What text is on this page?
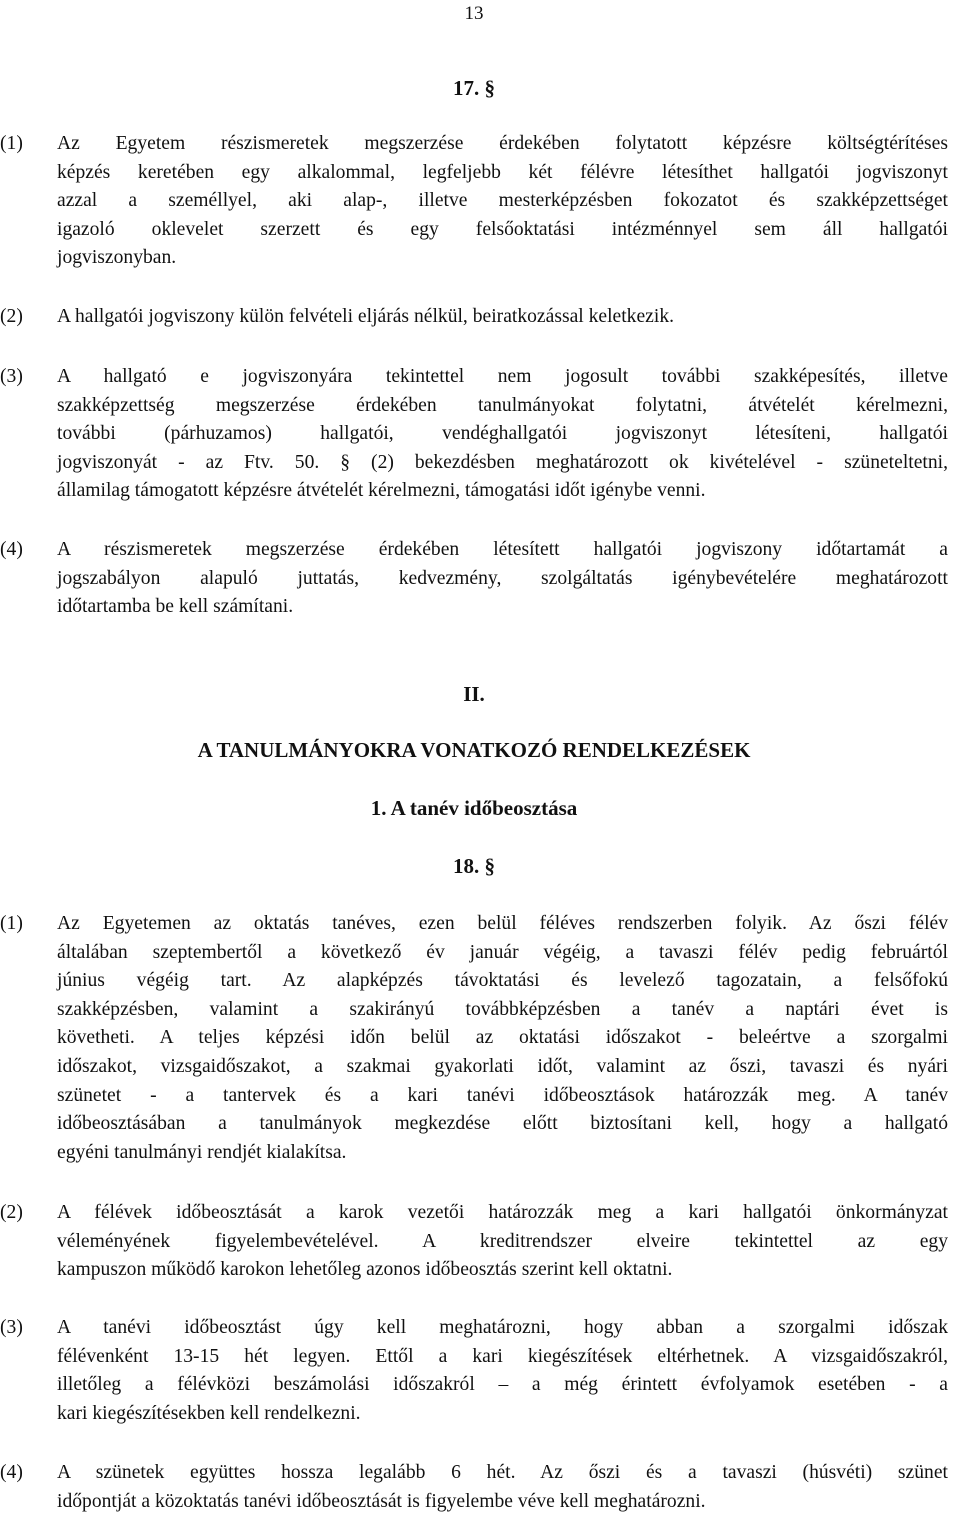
13
17. §
(1)	Az Egyetem részismeretek megszerzése érdekében folytatott képzésre költségtérítéses
képzés keretében egy alkalommal, legfeljebb két félévre létesíthet hallgatói jogviszonyt
azzal a személlyel, aki alap-, illetve mesterképzésben fokozatot és szakképzettséget
igazoló oklevelet szerzett és egy felsőoktatási intézménnyel sem áll hallgatói
jogviszonyban.
(2)	A hallgatói jogviszony külön felvételi eljárás nélkül, beiratkozással keletkezik.
(3)	A hallgató e jogviszonyára tekintettel nem jogosult további szakképesítés, illetve
szakképzettség megszerzése érdekében tanulmányokat folytatni, átvételét kérelmezni,
további (párhuzamos) hallgatói, vendéghallgatói jogviszonyt létesíteni, hallgatói
jogviszonyát - az Ftv. 50. § (2) bekezdésben meghatározott ok kivételével - szüneteltetni,
államilag támogatott képzésre átvételét kérelmezni, támogatási időt igénybe venni.
(4)	A részismeretek megszerzése érdekében létesített hallgatói jogviszony időtartamát a
jogszabályon alapuló juttatás, kedvezmény, szolgáltatás igénybevételére meghatározott
időtartamba be kell számítani.
II.
A TANULMÁNYOKRA VONATKOZÓ RENDELKEZÉSEK
1. A tanév időbeosztása
18. §
(1)	Az Egyetemen az oktatás tanéves, ezen belül féléves rendszerben folyik. Az őszi félév
általában szeptembertől a következő év január végéig, a tavaszi félév pedig februártól
június végéig tart. Az alapképzés távoktatási és levelező tagozatain, a felsőfokú
szakképzésben, valamint a szakirányú továbbképzésben a tanév a naptári évet is
követheti. A teljes képzési időn belül az oktatási időszakot - beleértve a szorgalmi
időszakot, vizsgaidőszakot, a szakmai gyakorlati időt, valamint az őszi, tavaszi és nyári
szünetet - a tantervek és a kari tanévi időbeosztások határozzák meg. A tanév
időbeosztásában a tanulmányok megkezdése előtt biztosítani kell, hogy a hallgató
egyéni tanulmányi rendjét kialakítsa.
(2)	A félévek időbeosztását a karok vezetői határozzák meg a kari hallgatói önkormányzat
véleményének figyelembevételével. A kreditrendszer elveire tekintettel az egy
kampuszon működő karokon lehetőleg azonos időbeosztás szerint kell oktatni.
(3)	A tanévi időbeosztást úgy kell meghatározni, hogy abban a szorgalmi időszak
félévenként 13-15 hét legyen. Ettől a kari kiegészítések eltérhetnek. A vizsgaidőszakról,
illetőleg a félévközi beszámolási időszakról – a még érintett évfolyamok esetében - a
kari kiegészítésekben kell rendelkezni.
(4)	A szünetek együttes hossza legalább 6 hét. Az őszi és a tavaszi (húsvéti) szünet
időpontját a közoktatás tanévi időbeosztását is figyelembe véve kell meghatározni.
